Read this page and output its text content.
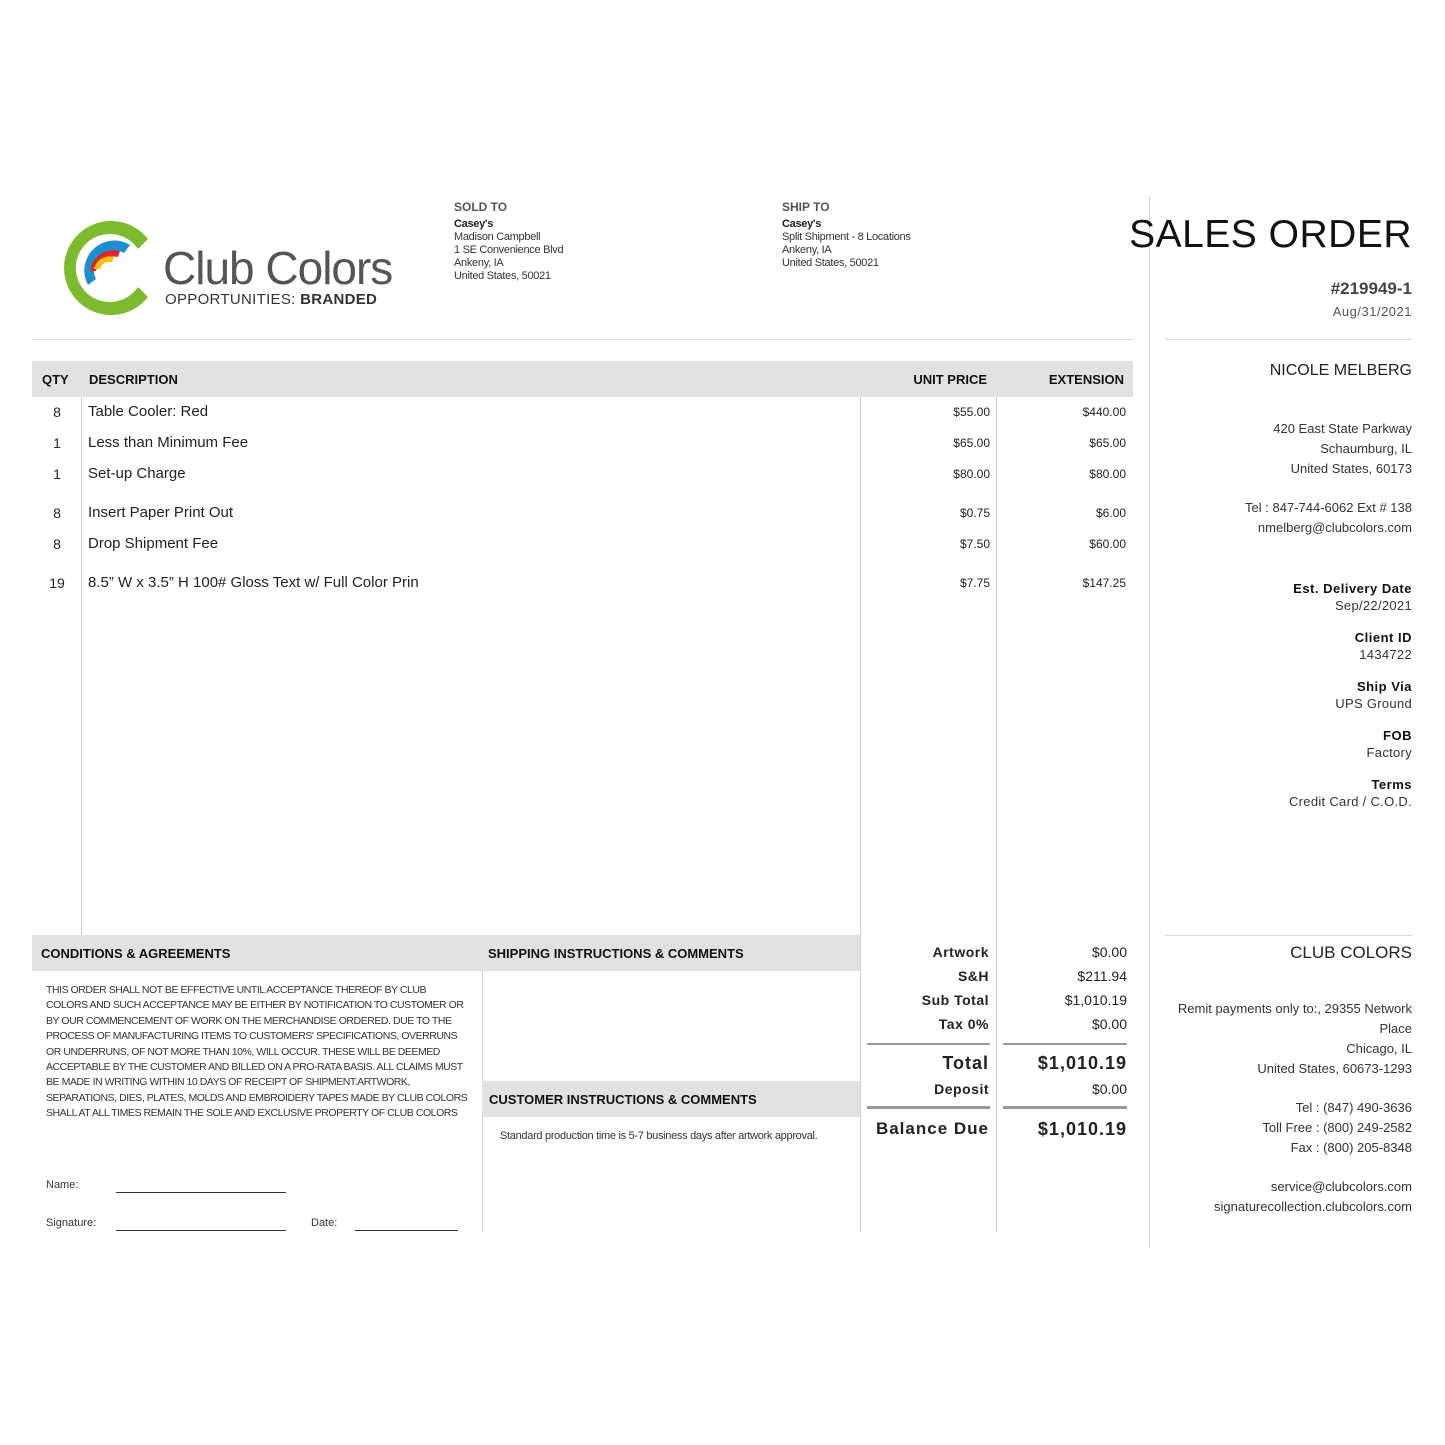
Club Colors
OPPORTUNITIES: BRANDED
SOLD TO
Casey's
Madison Campbell
1 SE Convenience Blvd
Ankeny, IA
United States, 50021
SHIP TO
Casey's
Split Shipment - 8 Locations
Ankeny, IA
United States, 50021
SALES ORDER
#219949-1
Aug/31/2021
QTY DESCRIPTION	UNIT PRICE	EXTENSION
8	Table Cooler: Red	$55.00	$440.00
1	Less than Minimum Fee	$65.00	$65.00
1	Set-up Charge	$80.00	$80.00
8	Insert Paper Print Out	$0.75	$6.00
8	Drop Shipment Fee	$7.50	$60.00
19	8.5” W x 3.5” H 100# Gloss Text w/ Full Color Prin	$7.75	$147.25
NICOLE MELBERG
420 East State Parkway
Schaumburg, IL
United States, 60173
Tel : 847-744-6062 Ext # 138
nmelberg@clubcolors.com
Est. Delivery Date
Sep/22/2021
Client ID
1434722
Ship Via
UPS Ground
FOB
Factory
Terms
Credit Card / C.O.D.
CONDITIONS & AGREEMENTS	SHIPPING INSTRUCTIONS & COMMENTS
CUSTOMER INSTRUCTIONS & COMMENTS
Standard production time is 5-7 business days after artwork approval.
THIS ORDER SHALL NOT BE EFFECTIVE UNTIL ACCEPTANCE THEREOF BY CLUB COLORS AND SUCH ACCEPTANCE MAY BE EITHER BY NOTIFICATION TO CUSTOMER OR BY OUR COMMENCEMENT OF WORK ON THE MERCHANDISE ORDERED. DUE TO THE PROCESS OF MANUFACTURING ITEMS TO CUSTOMERS' SPECIFICATIONS, OVERRUNS OR UNDERRUNS, OF NOT MORE THAN 10%, WILL OCCUR. THESE WILL BE DEEMED ACCEPTABLE BY THE CUSTOMER AND BILLED ON A PRO-RATA BASIS. ALL CLAIMS MUST BE MADE IN WRITING WITHIN 10 DAYS OF RECEIPT OF SHIPMENT.ARTWORK, SEPARATIONS, DIES, PLATES, MOLDS AND EMBROIDERY TAPES MADE BY CLUB COLORS SHALL AT ALL TIMES REMAIN THE SOLE AND EXCLUSIVE PROPERTY OF CLUB COLORS
Name:
Signature:	Date:
Artwork	$0.00
S&H	$211.94
Sub Total	$1,010.19
Tax 0%	$0.00
Total	$1,010.19
Deposit	$0.00
Balance Due	$1,010.19
CLUB COLORS
Remit payments only to:, 29355 Network
Place
Chicago, IL
United States, 60673-1293
Tel : (847) 490-3636
Toll Free : (800) 249-2582
Fax : (800) 205-8348
service@clubcolors.com
signaturecollection.clubcolors.com
